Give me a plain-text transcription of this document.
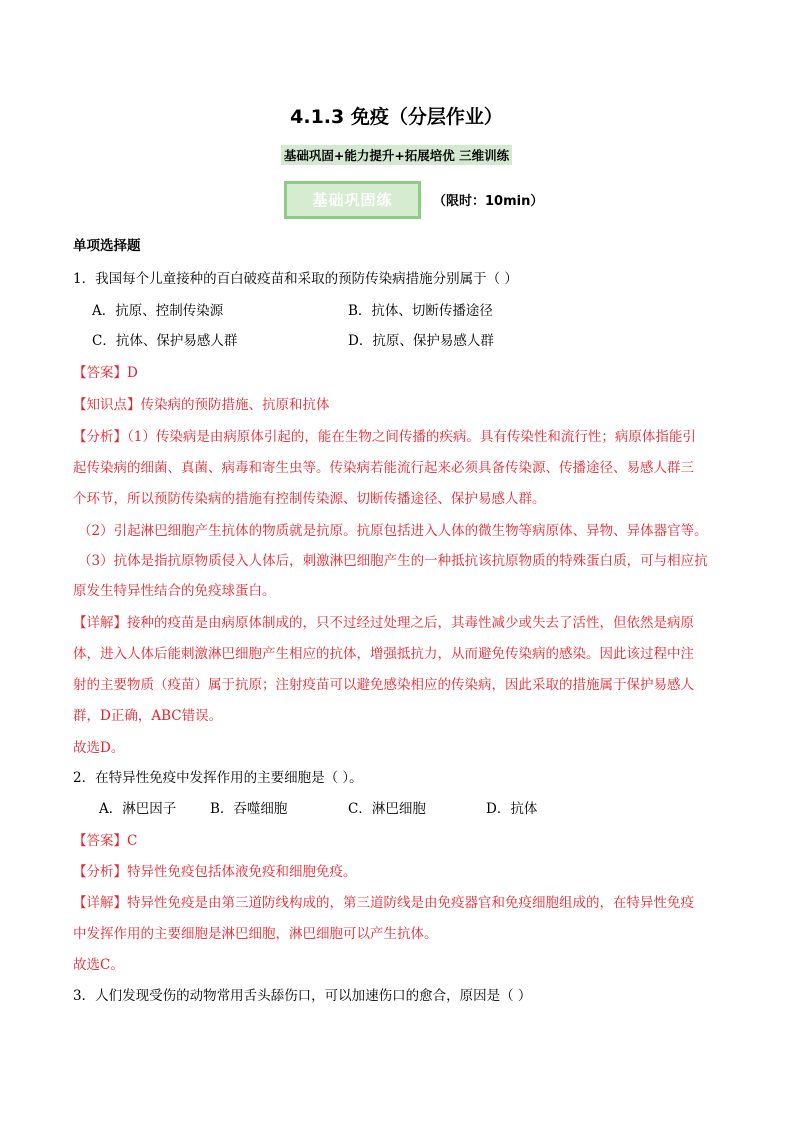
4.1.3 免疫（分层作业）
基础巩固+能力提升+拓展培优 三维训练
基础巩固练	（限时：10min）
单项选择题
1．我国每个儿童接种的百白破疫苗和采取的预防传染病措施分别属于（ ）
A．抗原、控制传染源	B．抗体、切断传播途径
C．抗体、保护易感人群	D．抗原、保护易感人群
【答案】D
【知识点】传染病的预防措施、抗原和抗体
【分析】（1）传染病是由病原体引起的，能在生物之间传播的疾病。具有传染性和流行性；病原体指能引
起传染病的细菌、真菌、病毒和寄生虫等。传染病若能流行起来必须具备传染源、传播途径、易感人群三
个环节，所以预防传染病的措施有控制传染源、切断传播途径、保护易感人群。
（2）引起淋巴细胞产生抗体的物质就是抗原。抗原包括进入人体的微生物等病原体、异物、异体器官等。
（3）抗体是指抗原物质侵入人体后，刺激淋巴细胞产生的一种抵抗该抗原物质的特殊蛋白质，可与相应抗
原发生特异性结合的免疫球蛋白。
【详解】接种的疫苗是由病原体制成的，只不过经过处理之后，其毒性减少或失去了活性，但依然是病原
体，进入人体后能刺激淋巴细胞产生相应的抗体，增强抵抗力，从而避免传染病的感染。因此该过程中注
射的主要物质（疫苗）属于抗原；注射疫苗可以避免感染相应的传染病，因此采取的措施属于保护易感人
群，D正确，ABC错误。
故选D。
2．在特异性免疫中发挥作用的主要细胞是（ ）。
A．淋巴因子	B．吞噬细胞	C．淋巴细胞	D．抗体
【答案】C
【分析】特异性免疫包括体液免疫和细胞免疫。
【详解】特异性免疫是由第三道防线构成的，第三道防线是由免疫器官和免疫细胞组成的，在特异性免疫
中发挥作用的主要细胞是淋巴细胞，淋巴细胞可以产生抗体。
故选C。
3．人们发现受伤的动物常用舌头舔伤口，可以加速伤口的愈合，原因是（ ）
